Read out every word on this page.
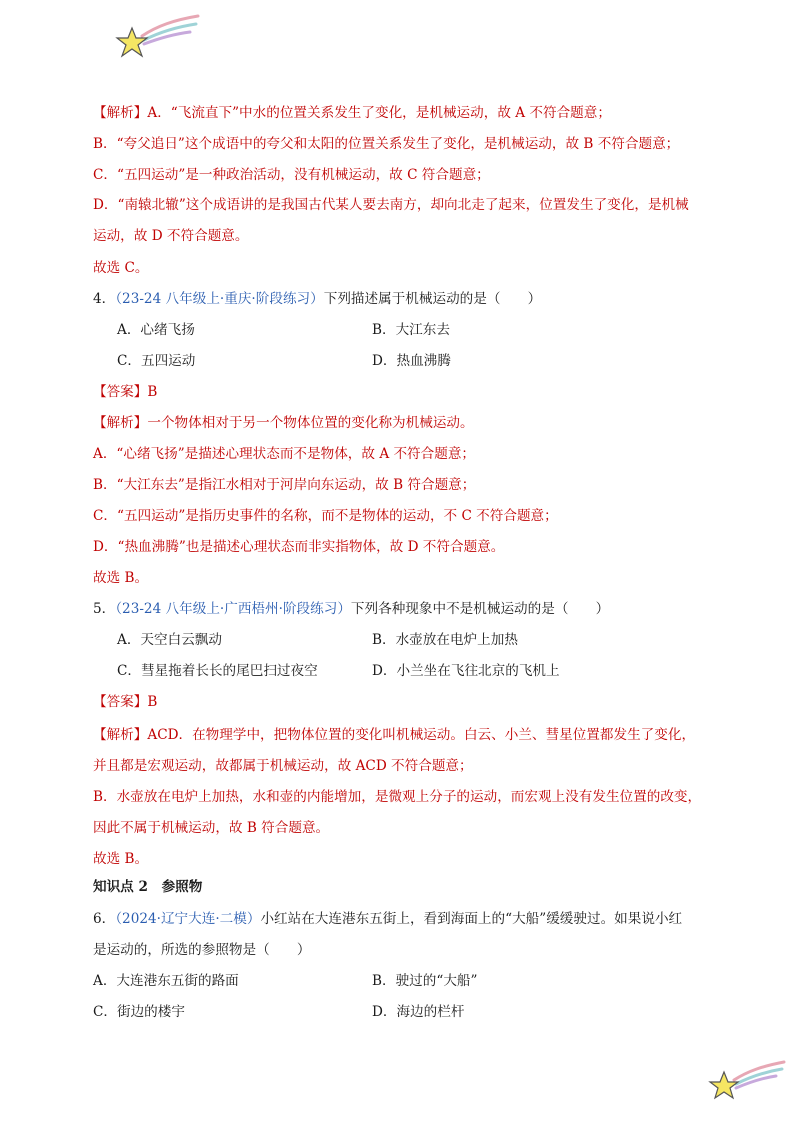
【解析】A．“飞流直下”中水的位置关系发生了变化，是机械运动，故 A 不符合题意；
B．“夸父追日”这个成语中的夸父和太阳的位置关系发生了变化，是机械运动，故 B 不符合题意；
C．“五四运动”是一种政治活动，没有机械运动，故 C 符合题意；
D．“南辕北辙”这个成语讲的是我国古代某人要去南方，却向北走了起来，位置发生了变化，是机械
运动，故 D 不符合题意。
故选 C。
4．（23-24 八年级上·重庆·阶段练习）下列描述属于机械运动的是（　　）
A．心绪飞扬	B．大江东去
C．五四运动	D．热血沸腾
【答案】B
【解析】一个物体相对于另一个物体位置的变化称为机械运动。
A．“心绪飞扬”是描述心理状态而不是物体，故 A 不符合题意；
B．“大江东去”是指江水相对于河岸向东运动，故 B 符合题意；
C．“五四运动”是指历史事件的名称，而不是物体的运动，不 C 不符合题意；
D．“热血沸腾”也是描述心理状态而非实指物体，故 D 不符合题意。
故选 B。
5．（23-24 八年级上·广西梧州·阶段练习）下列各种现象中不是机械运动的是（　　）
A．天空白云飘动	B．水壶放在电炉上加热
C．彗星拖着长长的尾巴扫过夜空	D．小兰坐在飞往北京的飞机上
【答案】B
【解析】ACD．在物理学中，把物体位置的变化叫机械运动。白云、小兰、彗星位置都发生了变化，
并且都是宏观运动，故都属于机械运动，故 ACD 不符合题意；
B．水壶放在电炉上加热，水和壶的内能增加，是微观上分子的运动，而宏观上没有发生位置的改变，
因此不属于机械运动，故 B 符合题意。
故选 B。
知识点 2　参照物
6．（2024·辽宁大连·二模）小红站在大连港东五街上，看到海面上的“大船”缓缓驶过。如果说小红
是运动的，所选的参照物是（　　）
A．大连港东五街的路面	B．驶过的“大船”
C．街边的楼宇	D．海边的栏杆
